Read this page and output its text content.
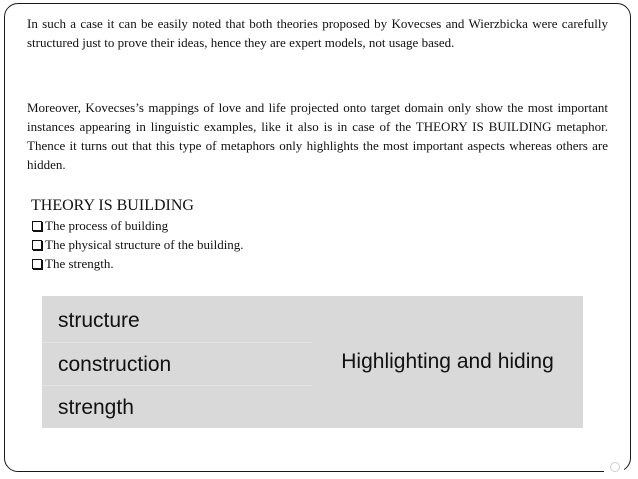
In such a case it can be easily noted that both theories proposed by Kovecses and Wierzbicka were carefully structured just to prove their ideas, hence they are expert models, not usage based.
Moreover, Kovecses’s mappings of love and life projected onto target domain only show the most important instances appearing in linguistic examples, like it also is in case of the THEORY IS BUILDING metaphor. Thence it turns out that this type of metaphors only highlights the most important aspects whereas others are hidden.
THEORY IS BUILDING
The process of building
The physical structure of the building.
The strength.
structure
construction
strength
Highlighting and hiding
